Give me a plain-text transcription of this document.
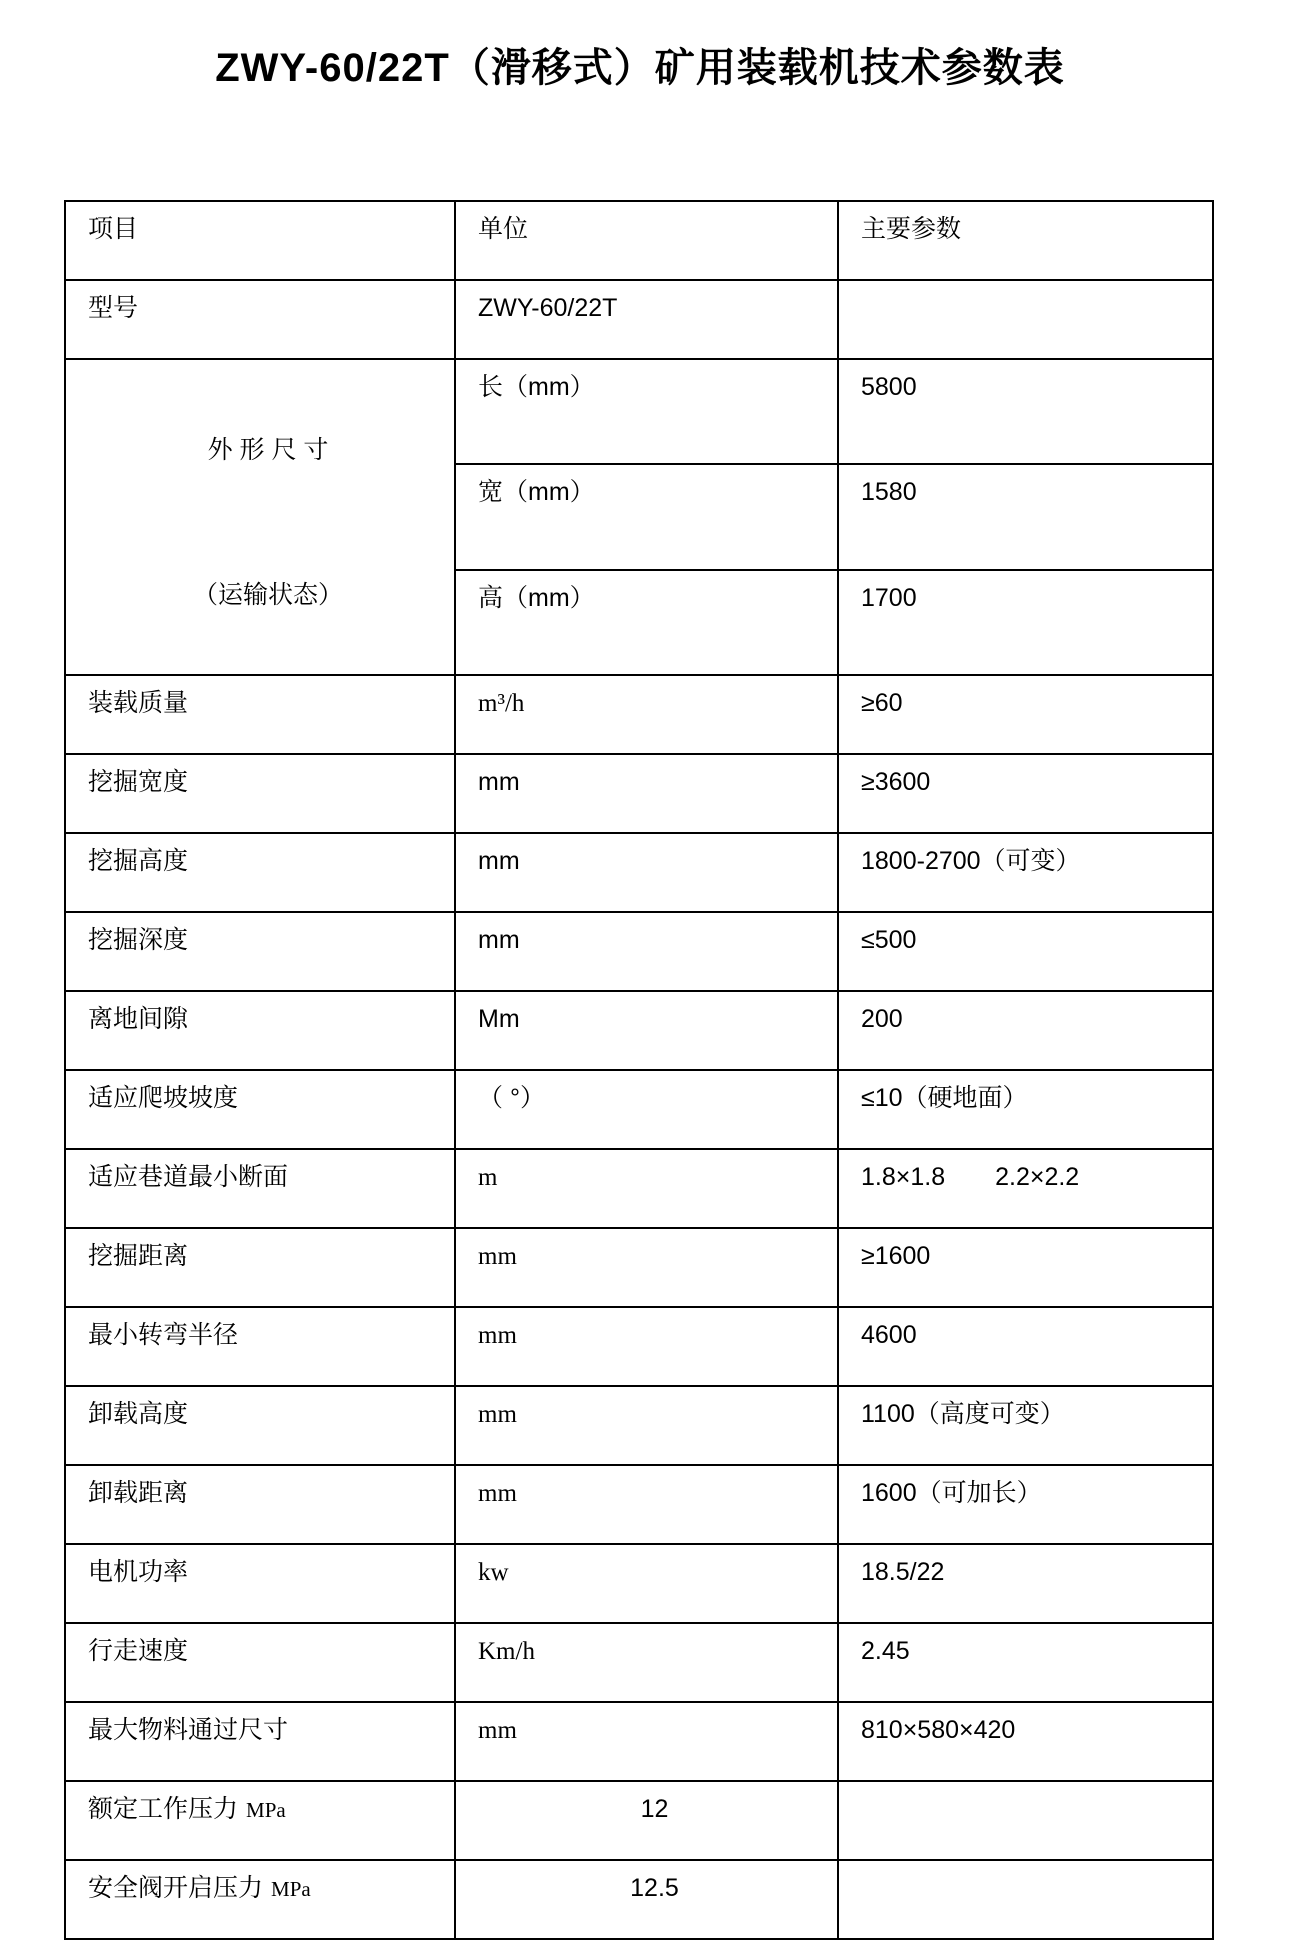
ZWY-60/22T（滑移式）矿用装载机技术参数表
项目	单位	主要参数
型号	ZWY-60/22T	

外 形 尺 寸

（运输状态）	长（mm）	5800
	宽（mm）	1580
	高（mm）	1700
装载质量	m³/h	≥60
挖掘宽度	mm	≥3600
挖掘高度	mm	1800-2700（可变）
挖掘深度	mm	≤500
离地间隙	Mm	200
适应爬坡坡度	（ °）	≤10（硬地面）
适应巷道最小断面	m	1.8×1.8　　2.2×2.2
挖掘距离	mm	≥1600
最小转弯半径	mm	4600
卸载高度	mm	1100（高度可变）
卸载距离	mm	1600（可加长）
电机功率	kw	18.5/22
行走速度	Km/h	2.45
最大物料通过尺寸	mm	810×580×420
额定工作压力 MPa	12	
安全阀开启压力 MPa	12.5	
